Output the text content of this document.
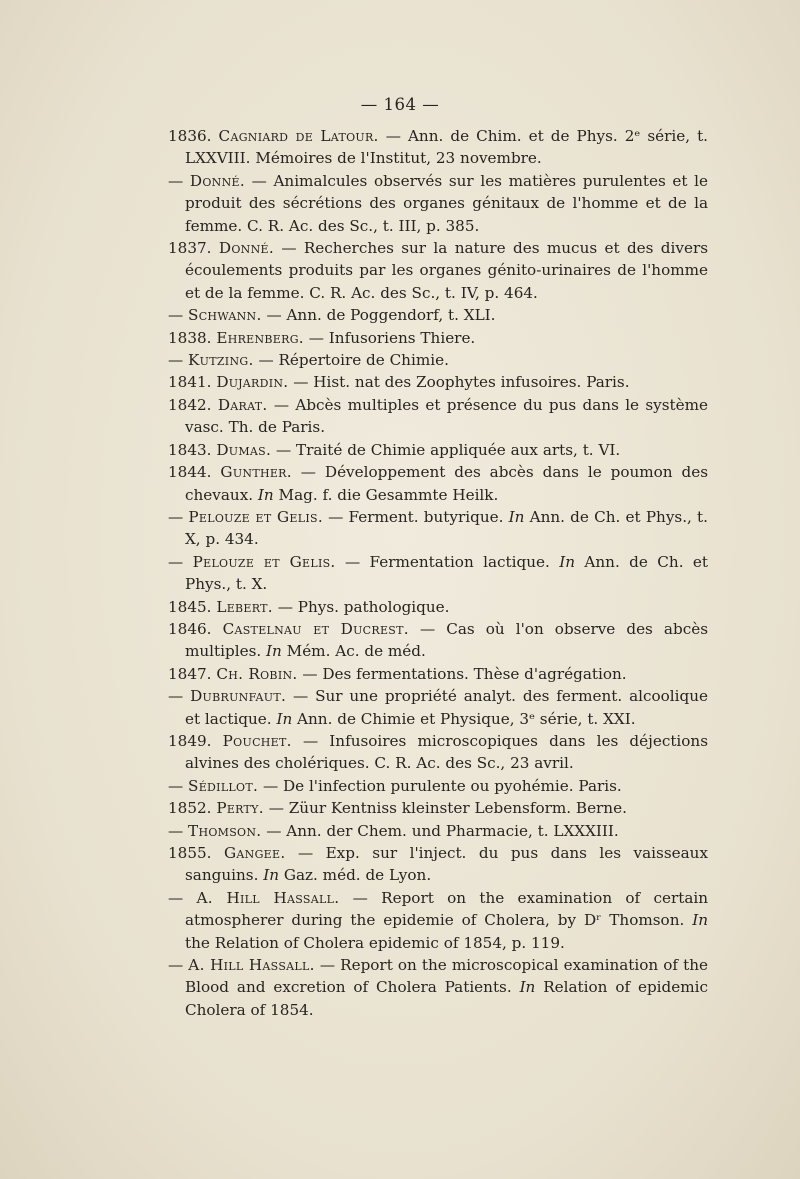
— 164 —
1836. Cagniard de Latour. — Ann. de Chim. et de Phys. 2ᵉ série, t. LXXVIII. Mémoires de l'Institut, 23 novembre.
— Donné. — Animalcules observés sur les matières purulentes et le produit des sécrétions des organes génitaux de l'homme et de la femme. C. R. Ac. des Sc., t. III, p. 385.
1837. Donné. — Recherches sur la nature des mucus et des divers écoulements produits par les organes génito-urinaires de l'homme et de la femme. C. R. Ac. des Sc., t. IV, p. 464.
— Schwann. — Ann. de Poggendorf, t. XLI.
1838. Ehrenberg. — Infusoriens Thiere.
— Kutzing. — Répertoire de Chimie.
1841. Dujardin. — Hist. nat des Zoophytes infusoires. Paris.
1842. Darat. — Abcès multiples et présence du pus dans le système vasc. Th. de Paris.
1843. Dumas. — Traité de Chimie appliquée aux arts, t. VI.
1844. Gunther. — Développement des abcès dans le poumon des chevaux. In Mag. f. die Gesammte Heilk.
— Pelouze et Gelis. — Ferment. butyrique. In Ann. de Ch. et Phys., t. X, p. 434.
— Pelouze et Gelis. — Fermentation lactique. In Ann. de Ch. et Phys., t. X.
1845. Lebert. — Phys. pathologique.
1846. Castelnau et Ducrest. — Cas où l'on observe des abcès multiples. In Mém. Ac. de méd.
1847. Ch. Robin. — Des fermentations. Thèse d'agrégation.
— Dubrunfaut. — Sur une propriété analyt. des ferment. alcoolique et lactique. In Ann. de Chimie et Physique, 3ᵉ série, t. XXI.
1849. Pouchet. — Infusoires microscopiques dans les déjections alvines des cholériques. C. R. Ac. des Sc., 23 avril.
— Sédillot. — De l'infection purulente ou pyohémie. Paris.
1852. Perty. — Züur Kentniss kleinster Lebensform. Berne.
— Thomson. — Ann. der Chem. und Pharmacie, t. LXXXIII.
1855. Gangee. — Exp. sur l'inject. du pus dans les vaisseaux sanguins. In Gaz. méd. de Lyon.
— A. Hill Hassall. — Report on the examination of certain atmospherer during the epidemie of Cholera, by Dʳ Thomson. In the Relation of Cholera epidemic of 1854, p. 119.
— A. Hill Hassall. — Report on the microscopical examination of the Blood and excretion of Cholera Patients. In Relation of epidemic Cholera of 1854.
